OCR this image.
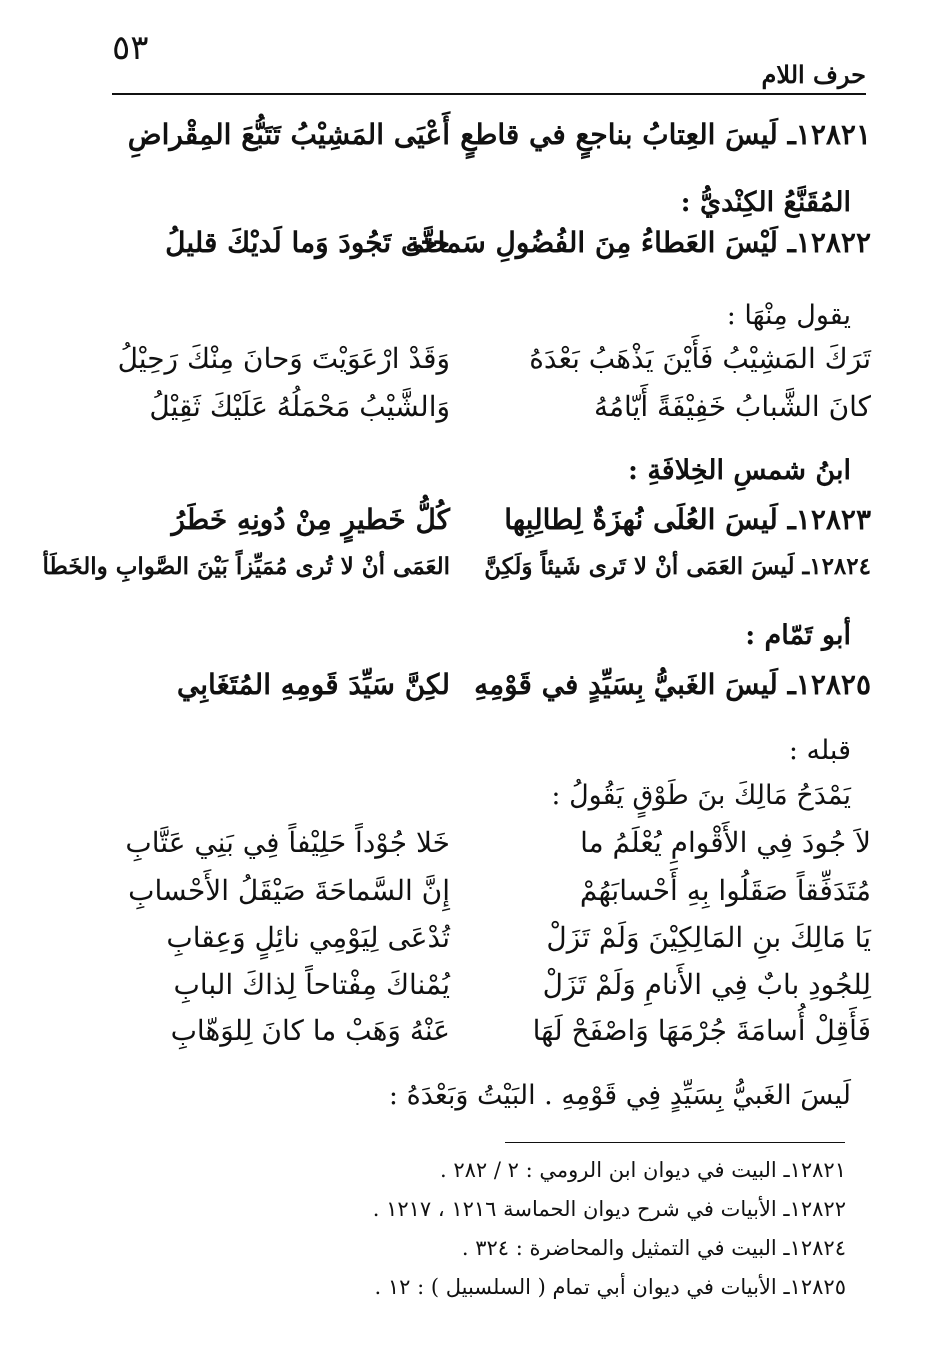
٥٣
حرف اللام
١٢٨٢١ـ لَيسَ العِتابُ بناجعٍ في قاطعٍ
أَعْيَى المَشِيْبُ تَتَبُّعَ المِقْراضِ
المُقَنَّعُ الكِنْديُّ :
١٢٨٢٢ـ لَيْسَ العَطاءُ مِنَ الفُضُولِ سَماحة
حتَّى تَجُودَ وَما لَديْكَ قليلُ
يقول مِنْهَا :
تَرَكَ المَشِيْبُ فَأَيْنَ يَذْهَبُ بَعْدَهُ
وَقَدْ ارْعَوَيْتَ وَحانَ مِنْكَ رَحِيْلُ
كانَ الشَّبابُ خَفِيْفَةً أَيّامُهُ
وَالشَّيْبُ مَحْمَلُهُ عَلَيْكَ ثَقِيْلُ
ابنُ شمسِ الخِلافَةِ :
١٢٨٢٣ـ لَيسَ العُلَى نُهزَةٌ لِطالِبِها
كُلُّ خَطيرٍ مِنْ دُونِهِ خَطَرُ
١٢٨٢٤ـ لَيسَ العَمَى أنْ لا تَرى شَيئاً وَلَكِنَّ
العَمَى أنْ لا تُرى مُمَيِّزاً بَيْنَ الصَّوابِ والخَطَأ
أبو تَمّام :
١٢٨٢٥ـ لَيسَ الغَبيُّ بِسَيِّدٍ في قَوْمِهِ
لكِنَّ سَيِّدَ قَومِهِ المُتَغَابِي
قبله :
يَمْدَحُ مَالِكَ بنَ طَوْقٍ يَقُولُ :
لاَ جُودَ فِي الأَقْوامِ يُعْلَمُ ما
خَلا جُوْداً حَلِيْفاً فِي بَنِي عَتَّابِ
مُتَدَفِّقاً صَقَلُوا بِهِ أَحْسابَهُمْ
إِنَّ السَّماحَةَ صَيْقَلُ الأَحْسابِ
يَا مَالِكَ بنِ المَالِكِيْنَ وَلَمْ تَزَلْ
تُدْعَى لِيَوْمِي نائِلٍ وَعِقابِ
لِلجُودِ بابٌ فِي الأَنامِ وَلَمْ تَزَلْ
يُمْناكَ مِفْتاحاً لِذاكَ البابِ
فَأَقِلْ أُسامَةَ جُرْمَهَا وَاصْفَحْ لَهَا
عَنْهُ وَهَبْ ما كانَ لِلوَهّابِ
لَيسَ الغَبيُّ بِسَيِّدٍ فِي قَوْمِهِ . البَيْتُ وَبَعْدَهُ :
١٢٨٢١ـ البيت في ديوان ابن الرومي : ٢ / ٢٨٢ .
١٢٨٢٢ـ الأبيات في شرح ديوان الحماسة ١٢١٦ ، ١٢١٧ .
١٢٨٢٤ـ البيت في التمثيل والمحاضرة : ٣٢٤ .
١٢٨٢٥ـ الأبيات في ديوان أبي تمام ( السلسبيل ) : ١٢ .
